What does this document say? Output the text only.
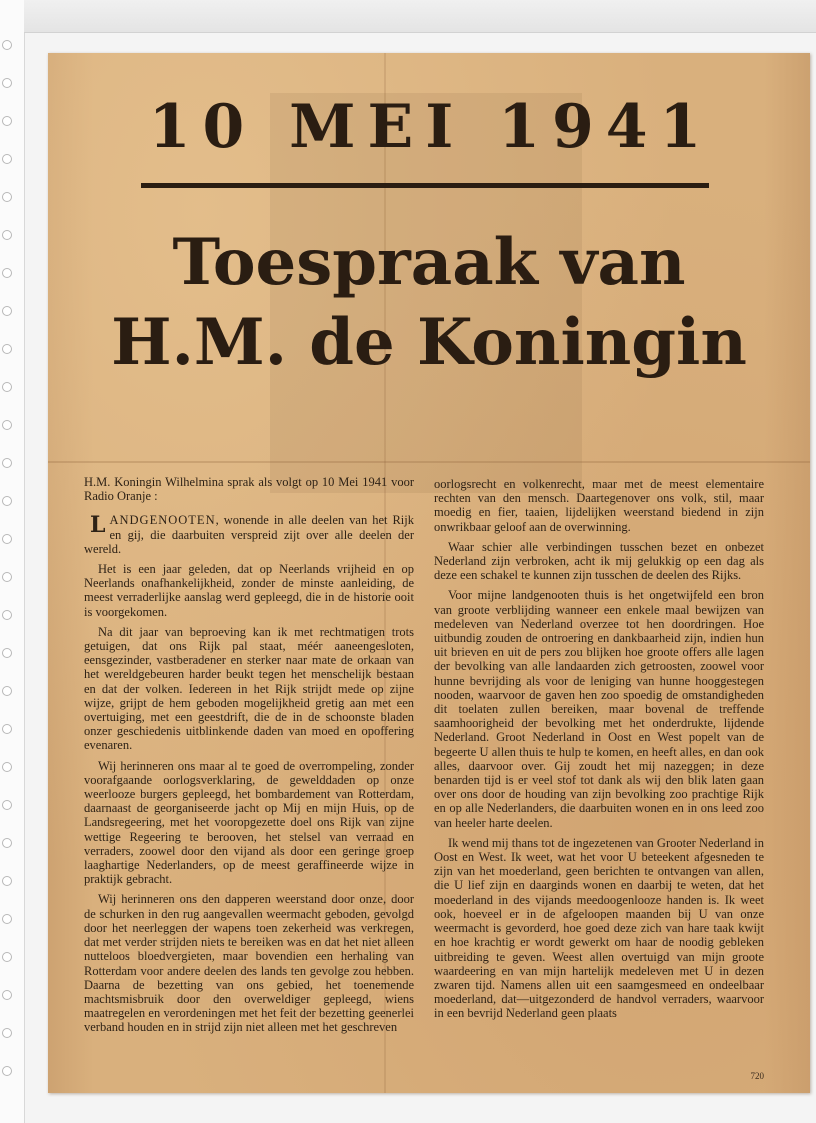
10 MEI 1941
Toespraak van
H.M. de Koningin

H.M. Koningin Wilhelmina sprak als volgt op 10 Mei 1941 voor Radio Oranje :

LANDGENOOTEN, wonende in alle deelen van het Rijk en gij, die daarbuiten verspreid zijt over alle deelen der wereld.

Het is een jaar geleden, dat op Neerlands vrijheid en op Neerlands onafhankelijkheid, zonder de minste aanleiding, de meest verraderlijke aanslag werd gepleegd, die in de historie ooit is voorgekomen.

Na dit jaar van beproeving kan ik met rechtmatigen trots getuigen, dat ons Rijk pal staat, méér aaneengesloten, eensgezinder, vastberadener en sterker naar mate de orkaan van het wereldgebeuren harder beukt tegen het menschelijk bestaan en dat der volken. Iedereen in het Rijk strijdt mede op zijne wijze, grijpt de hem geboden mogelijkheid gretig aan met een overtuiging, met een geestdrift, die de in de schoonste bladen onzer geschiedenis uitblinkende daden van moed en opoffering evenaren.

Wij herinneren ons maar al te goed de overrompeling, zonder voorafgaande oorlogsverklaring, de gewelddaden op onze weerlooze burgers gepleegd, het bombardement van Rotterdam, daarnaast de georganiseerde jacht op Mij en mijn Huis, op de Landsregeering, met het vooropgezette doel ons Rijk van zijne wettige Regeering te berooven, het stelsel van verraad en verraders, zoowel door den vijand als door een geringe groep laaghartige Nederlanders, op de meest geraffineerde wijze in praktijk gebracht.

Wij herinneren ons den dapperen weerstand door onze, door de schurken in den rug aangevallen weermacht geboden, gevolgd door het neerleggen der wapens toen zekerheid was verkregen, dat met verder strijden niets te bereiken was en dat het niet alleen nutteloos bloedvergieten, maar bovendien een herhaling van Rotterdam voor andere deelen des lands ten gevolge zou hebben. Daarna de bezetting van ons gebied, het toenemende machtsmisbruik door den overweldiger gepleegd, wiens maatregelen en verordeningen met het feit der bezetting geenerlei verband houden en in strijd zijn niet alleen met het geschreven

oorlogsrecht en volkenrecht, maar met de meest elementaire rechten van den mensch. Daartegenover ons volk, stil, maar moedig en fier, taaien, lijdelijken weerstand biedend in zijn onwrikbaar geloof aan de overwinning.

Waar schier alle verbindingen tusschen bezet en onbezet Nederland zijn verbroken, acht ik mij gelukkig op een dag als deze een schakel te kunnen zijn tusschen de deelen des Rijks.

Voor mijne landgenooten thuis is het ongetwijfeld een bron van groote verblijding wanneer een enkele maal bewijzen van medeleven van Nederland overzee tot hen doordringen. Hoe uitbundig zouden de ontroering en dankbaarheid zijn, indien hun uit brieven en uit de pers zou blijken hoe groote offers alle lagen der bevolking van alle landaarden zich getroosten, zoowel voor hunne bevrijding als voor de leniging van hunne hooggestegen nooden, waarvoor de gaven hen zoo spoedig de omstandigheden dit toelaten zullen bereiken, maar bovenal de treffende saamhoorigheid der bevolking met het onderdrukte, lijdende Nederland. Groot Nederland in Oost en West popelt van de begeerte U allen thuis te hulp te komen, en heeft alles, en dan ook alles, daarvoor over. Gij zoudt het mij nazeggen; in deze benarden tijd is er veel stof tot dank als wij den blik laten gaan over ons door de houding van zijn bevolking zoo prachtige Rijk en op alle Nederlanders, die daarbuiten wonen en in ons leed zoo van heeler harte deelen.

Ik wend mij thans tot de ingezetenen van Grooter Nederland in Oost en West. Ik weet, wat het voor U beteekent afgesneden te zijn van het moederland, geen berichten te ontvangen van allen, die U lief zijn en daarginds wonen en daarbij te weten, dat het moederland in des vijands meedoogenlooze handen is. Ik weet ook, hoeveel er in de afgeloopen maanden bij U van onze weermacht is gevorderd, hoe goed deze zich van hare taak kwijt en hoe krachtig er wordt gewerkt om haar de noodig gebleken uitbreiding te geven. Weest allen overtuigd van mijn groote waardeering en van mijn hartelijk medeleven met U in dezen zwaren tijd. Namens allen uit een saamgesmeed en ondeelbaar moederland, dat—uitgezonderd de handvol verraders, waarvoor in een bevrijd Nederland geen plaats

720
